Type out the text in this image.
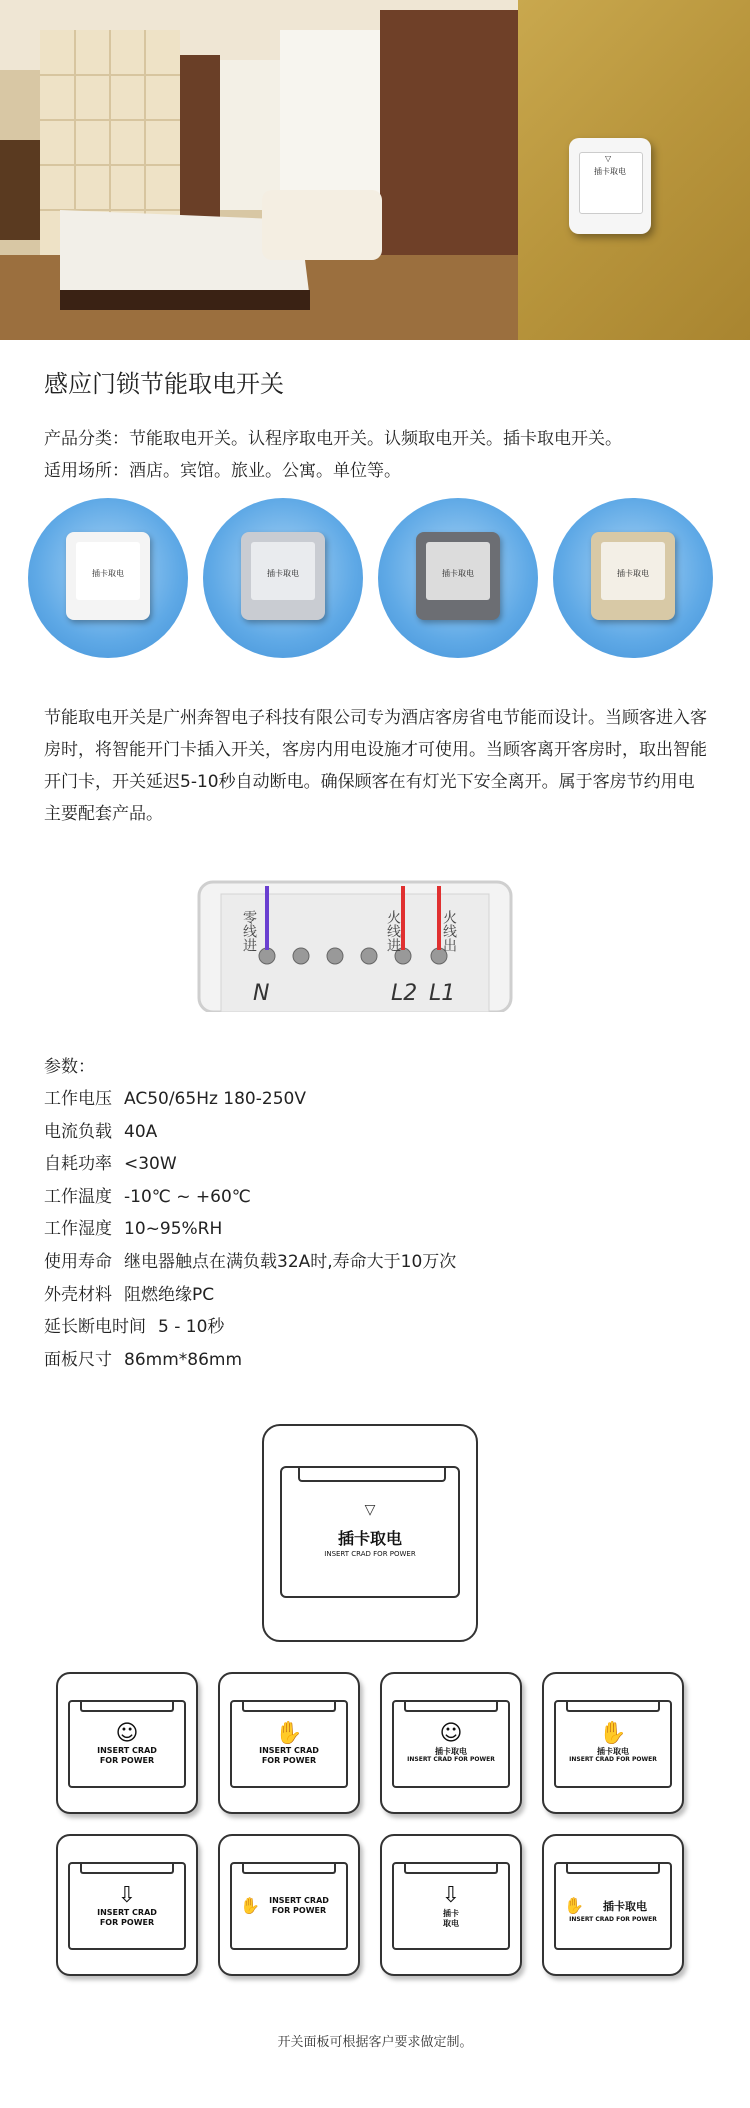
▽
插卡取电
感应门锁节能取电开关
产品分类：节能取电开关。认程序取电开关。认频取电开关。插卡取电开关。
适用场所：酒店。宾馆。旅业。公寓。单位等。
插卡取电	插卡取电	插卡取电	插卡取电
节能取电开关是广州奔智电子科技有限公司专为酒店客房省电节能而设计。当顾客进入客房时，将智能开门卡插入开关，客房内用电设施才可使用。当顾客离开客房时，取出智能开门卡，开关延迟5-10秒自动断电。确保顾客在有灯光下安全离开。属于客房节约用电主要配套产品。
零线进	火线进	火线出
N	L2 L1
参数：
工作电压 AC50/65Hz 180-250V
电流负载 40A
自耗功率 <30W
工作温度 -10℃ ~ +60℃
工作湿度 10~95%RH
使用寿命 继电器触点在满负载32A时,寿命大于10万次
外壳材料 阻燃绝缘PC
延长断电时间 5 - 10秒
面板尺寸 86mm*86mm
▽
插卡取电
INSERT CRAD FOR POWER
☺
INSERT CRAD
FOR POWER
✋
INSERT CRAD
FOR POWER
☺
插卡取电
INSERT CRAD FOR POWER
✋
插卡取电
INSERT CRAD FOR POWER
⇩
INSERT CRAD
FOR POWER
✋	INSERT CRAD
FOR POWER
⇩
插卡
取电
✋	插卡取电
INSERT CRAD FOR POWER
开关面板可根据客户要求做定制。
